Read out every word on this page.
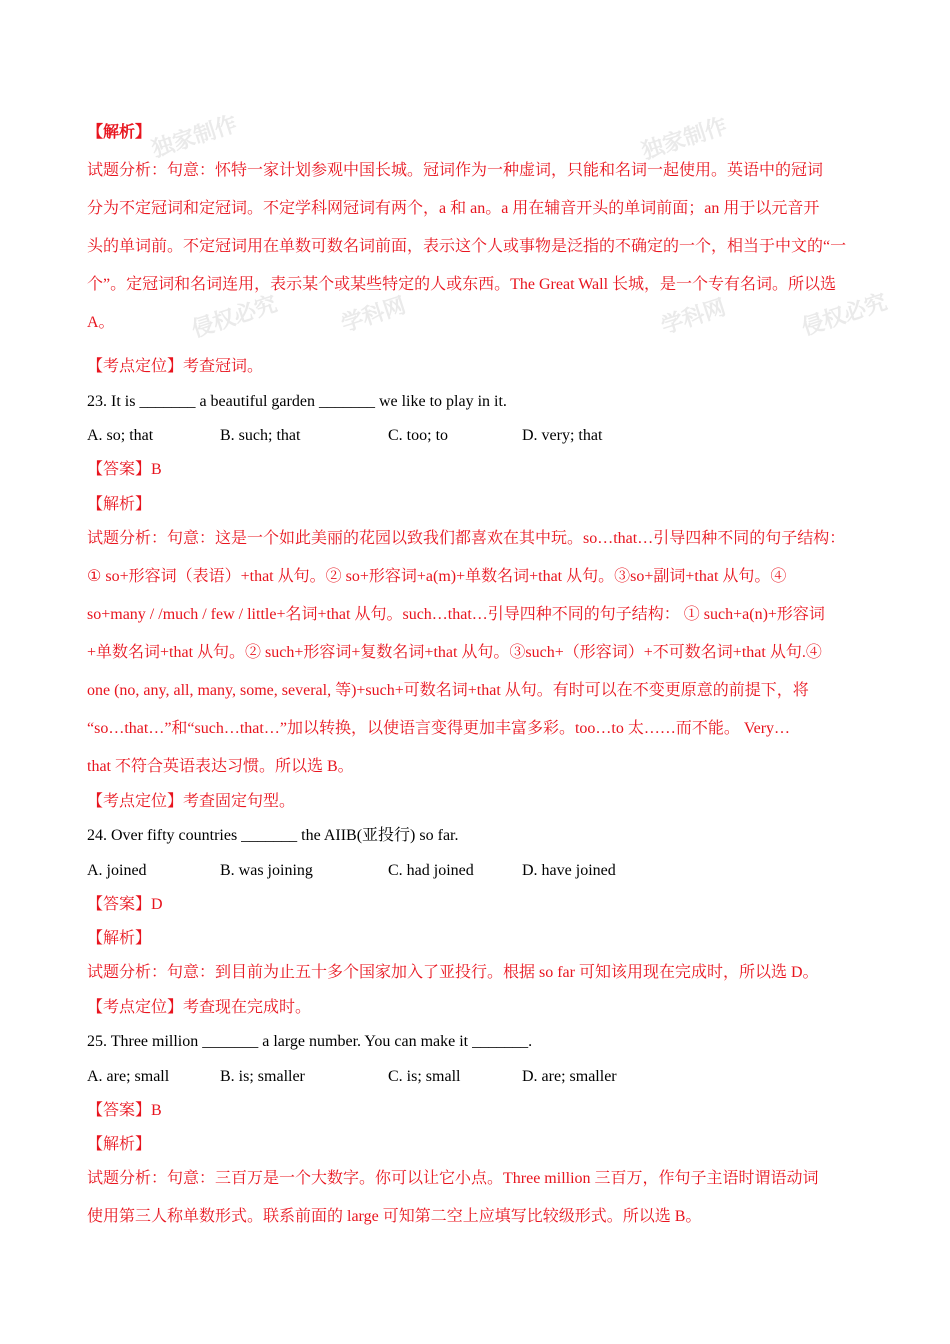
独家制作	独家制作
学科网
侵权必究	学科网	侵权必究
【解析】
试题分析：句意：怀特一家计划参观中国长城。冠词作为一种虚词，只能和名词一起使用。英语中的冠词
分为不定冠词和定冠词。不定学科网冠词有两个，a 和 an。a 用在辅音开头的单词前面；an 用于以元音开
头的单词前。不定冠词用在单数可数名词前面，表示这个人或事物是泛指的不确定的一个，相当于中文的“一
个”。定冠词和名词连用，表示某个或某些特定的人或东西。The Great Wall 长城，是一个专有名词。所以选
A。
【考点定位】考查冠词。
23. It is _______ a beautiful garden _______ we like to play in it.
A. so; that	B. such; that	C. too; to	D. very; that
【答案】B
【解析】
试题分析：句意：这是一个如此美丽的花园以致我们都喜欢在其中玩。so…that…引导四种不同的句子结构：
① so+形容词（表语）+that 从句。② so+形容词+a(m)+单数名词+that 从句。③so+副词+that 从句。④
so+many / /much / few / little+名词+that 从句。such…that…引导四种不同的句子结构： ① such+a(n)+形容词
+单数名词+that 从句。② such+形容词+复数名词+that 从句。③such+（形容词）+不可数名词+that 从句.④
one (no, any, all, many, some, several, 等)+such+可数名词+that 从句。有时可以在不变更原意的前提下，将
“so…that…”和“such…that…”加以转换，以使语言变得更加丰富多彩。too…to 太……而不能。 Very…
that 不符合英语表达习惯。所以选 B。
【考点定位】考查固定句型。
24. Over fifty countries _______ the AIIB(亚投行) so far.
A. joined	B. was joining	C. had joined	D. have joined
【答案】D
【解析】
试题分析：句意：到目前为止五十多个国家加入了亚投行。根据 so far 可知该用现在完成时，所以选 D。
【考点定位】考查现在完成时。
25. Three million _______ a large number. You can make it _______.
A. are; small	B. is; smaller	C. is; small	D. are; smaller
【答案】B
【解析】
试题分析：句意：三百万是一个大数字。你可以让它小点。Three million 三百万，作句子主语时谓语动词
使用第三人称单数形式。联系前面的 large 可知第二空上应填写比较级形式。所以选 B。
